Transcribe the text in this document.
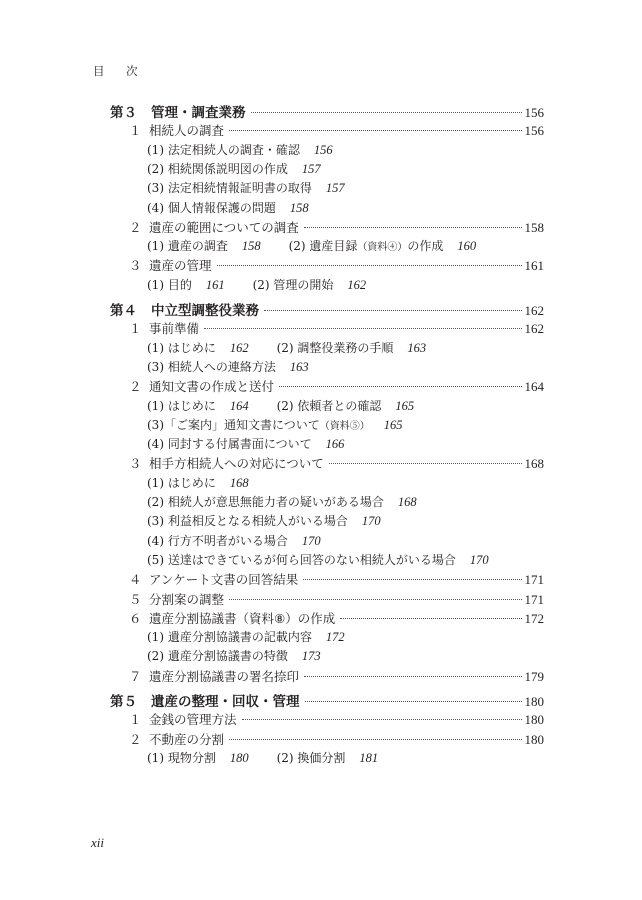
目 次
第３	管理・調査業務	156
１ 相続人の調査	156
(1) 法定相続人の調査・確認 156
(2) 相続関係説明図の作成 157
(3) 法定相続情報証明書の取得 157
(4) 個人情報保護の問題 158
２ 遺産の範囲についての調査	158
(1) 遺産の調査 158 (2) 遺産目録（資料④）の作成 160
３ 遺産の管理	161
(1) 目的 161 (2) 管理の開始 162
第４	中立型調整役業務	162
１ 事前準備	162
(1) はじめに 162 (2) 調整役業務の手順 163
(3) 相続人への連絡方法 163
２ 通知文書の作成と送付	164
(1) はじめに 164 (2) 依頼者との確認 165
(3)「ご案内」通知文書について（資料⑤） 165
(4) 同封する付属書面について 166
３ 相手方相続人への対応について	168
(1) はじめに 168
(2) 相続人が意思無能力者の疑いがある場合 168
(3) 利益相反となる相続人がいる場合 170
(4) 行方不明者がいる場合 170
(5) 送達はできているが何ら回答のない相続人がいる場合 170
４ アンケート文書の回答結果	171
５ 分割案の調整	171
６ 遺産分割協議書（資料⑧）の作成	172
(1) 遺産分割協議書の記載内容 172
(2) 遺産分割協議書の特徴 173
７ 遺産分割協議書の署名捺印	179
第５	遺産の整理・回収・管理	180
１ 金銭の管理方法	180
２ 不動産の分割	180
(1) 現物分割 180 (2) 換価分割 181
xii
